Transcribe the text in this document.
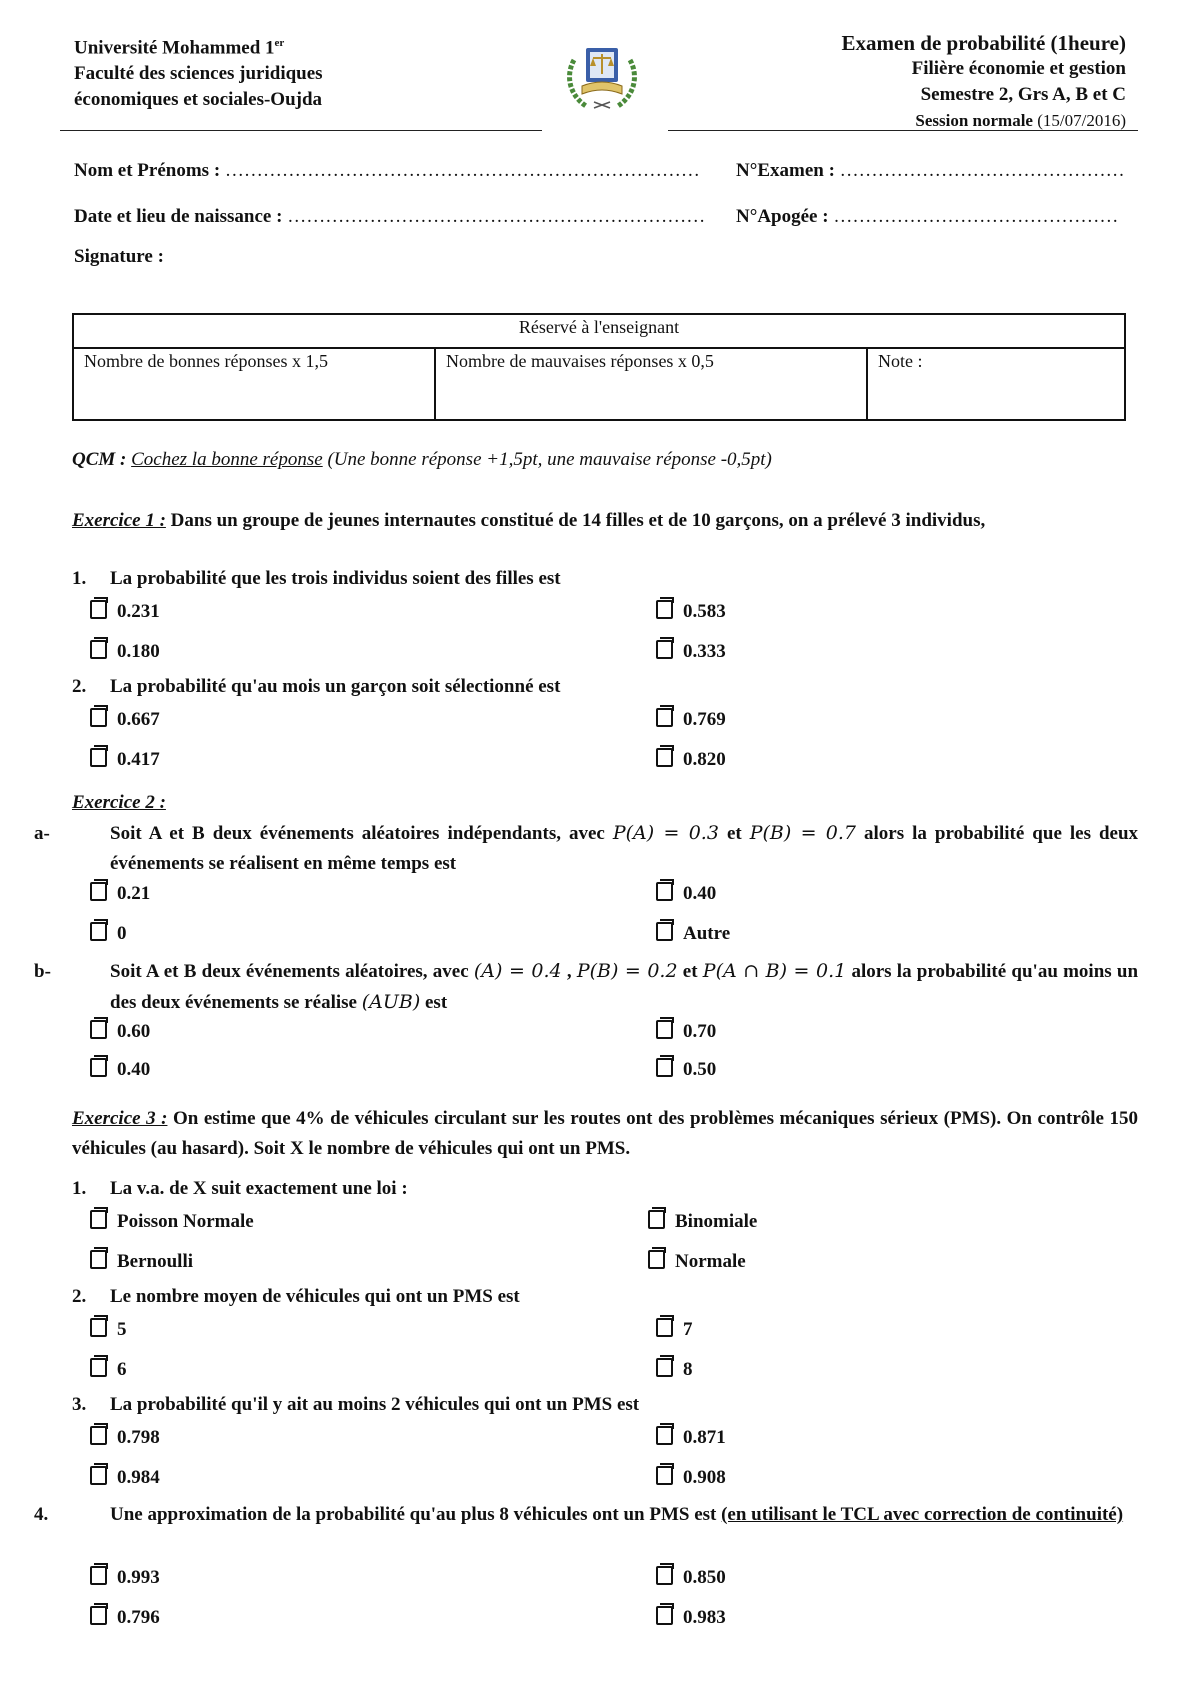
Université Mohammed 1er
Faculté des sciences juridiques
économiques et sociales-Oujda
Examen de probabilité (1heure)
Filière économie et gestion
Semestre 2, Grs A, B et C
Session normale (15/07/2016)
Nom et Prénoms : ………………………………………………………………… N°Examen : ………………………………………
Date et lieu de naissance : ………………………………………………………… N°Apogée : ………………………………………
Signature :
Réservé à l'enseignant
Nombre de bonnes réponses x 1,5	Nombre de mauvaises réponses x 0,5	Note :
QCM : Cochez la bonne réponse (Une bonne réponse +1,5pt, une mauvaise réponse -0,5pt)
Exercice 1 : Dans un groupe de jeunes internautes constitué de 14 filles et de 10 garçons, on a prélevé 3 individus,
1. La probabilité que les trois individus soient des filles est
0.231	0.583
0.180	0.333
2. La probabilité qu'au mois un garçon soit sélectionné est
0.667	0.769
0.417	0.820
Exercice 2 :
a-	Soit A et B deux événements aléatoires indépendants, avec P(A) = 0.3 et P(B) = 0.7 alors la probabilité que les deux événements se réalisent en même temps est
0.21	0.40
0	Autre
b-	Soit A et B deux événements aléatoires, avec (A) = 0.4 , P(B) = 0.2 et P(A ∩ B) = 0.1 alors la probabilité qu'au moins un des deux événements se réalise (AUB) est
0.60	0.70
0.40	0.50
Exercice 3 : On estime que 4% de véhicules circulant sur les routes ont des problèmes mécaniques sérieux (PMS). On contrôle 150 véhicules (au hasard). Soit X le nombre de véhicules qui ont un PMS.
1. La v.a. de X suit exactement une loi :
Poisson Normale	Binomiale
Bernoulli	Normale
2. Le nombre moyen de véhicules qui ont un PMS est
5	7
6	8
3. La probabilité qu'il y ait au moins 2 véhicules qui ont un PMS est
0.798	0.871
0.984	0.908
4.	Une approximation de la probabilité qu'au plus 8 véhicules ont un PMS est (en utilisant le TCL avec correction de continuité)
0.993	0.850
0.796	0.983
